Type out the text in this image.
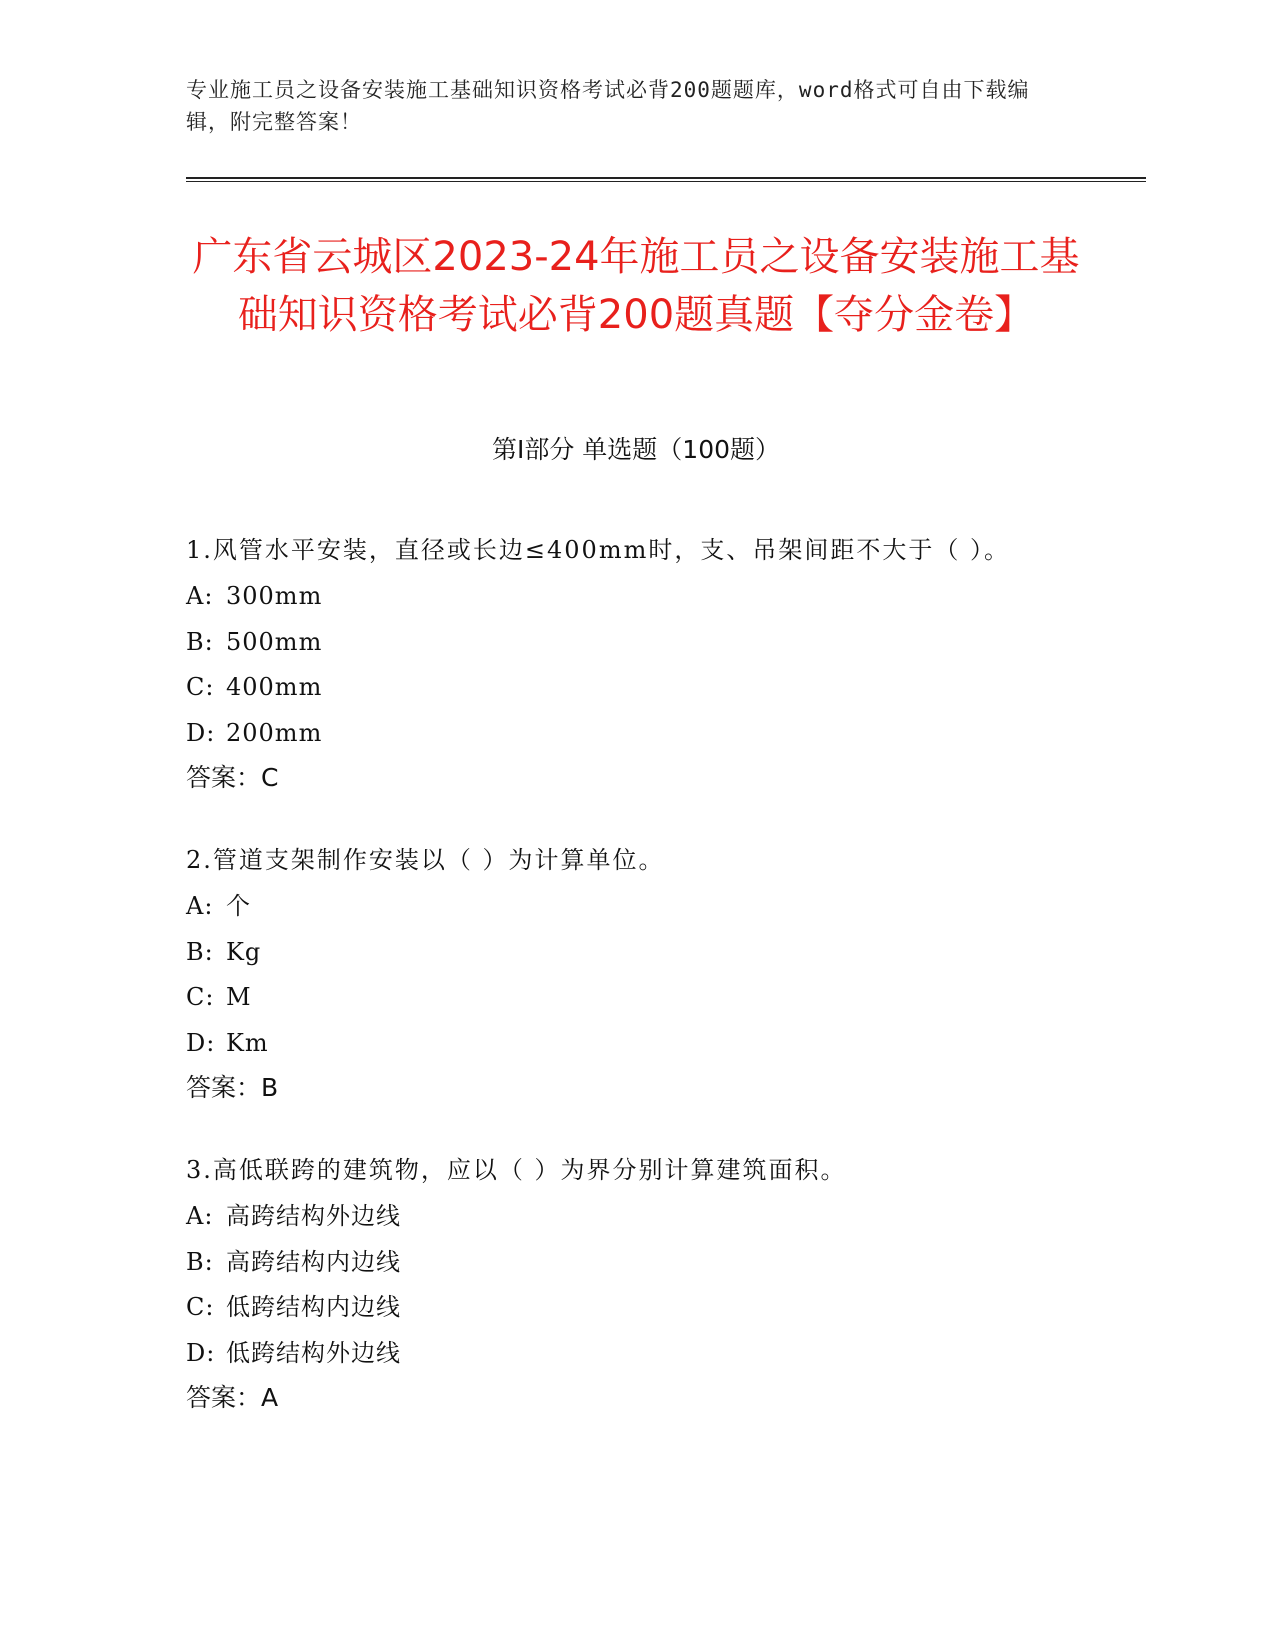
专业施工员之设备安装施工基础知识资格考试必背200题题库，word格式可自由下载编辑，附完整答案！
广东省云城区2023-24年施工员之设备安装施工基础知识资格考试必背200题真题【夺分金卷】
第I部分 单选题（100题）

1.风管水平安装，直径或长边≤400mm时，支、吊架间距不大于（ ）。

A: 300mm

B: 500mm

C: 400mm

D: 200mm

答案：C

2.管道支架制作安装以（ ）为计算单位。

A: 个

B: Kg

C: M

D: Km

答案：B

3.高低联跨的建筑物，应以（ ）为界分别计算建筑面积。

A: 高跨结构外边线

B: 高跨结构内边线

C: 低跨结构内边线

D: 低跨结构外边线

答案：A
